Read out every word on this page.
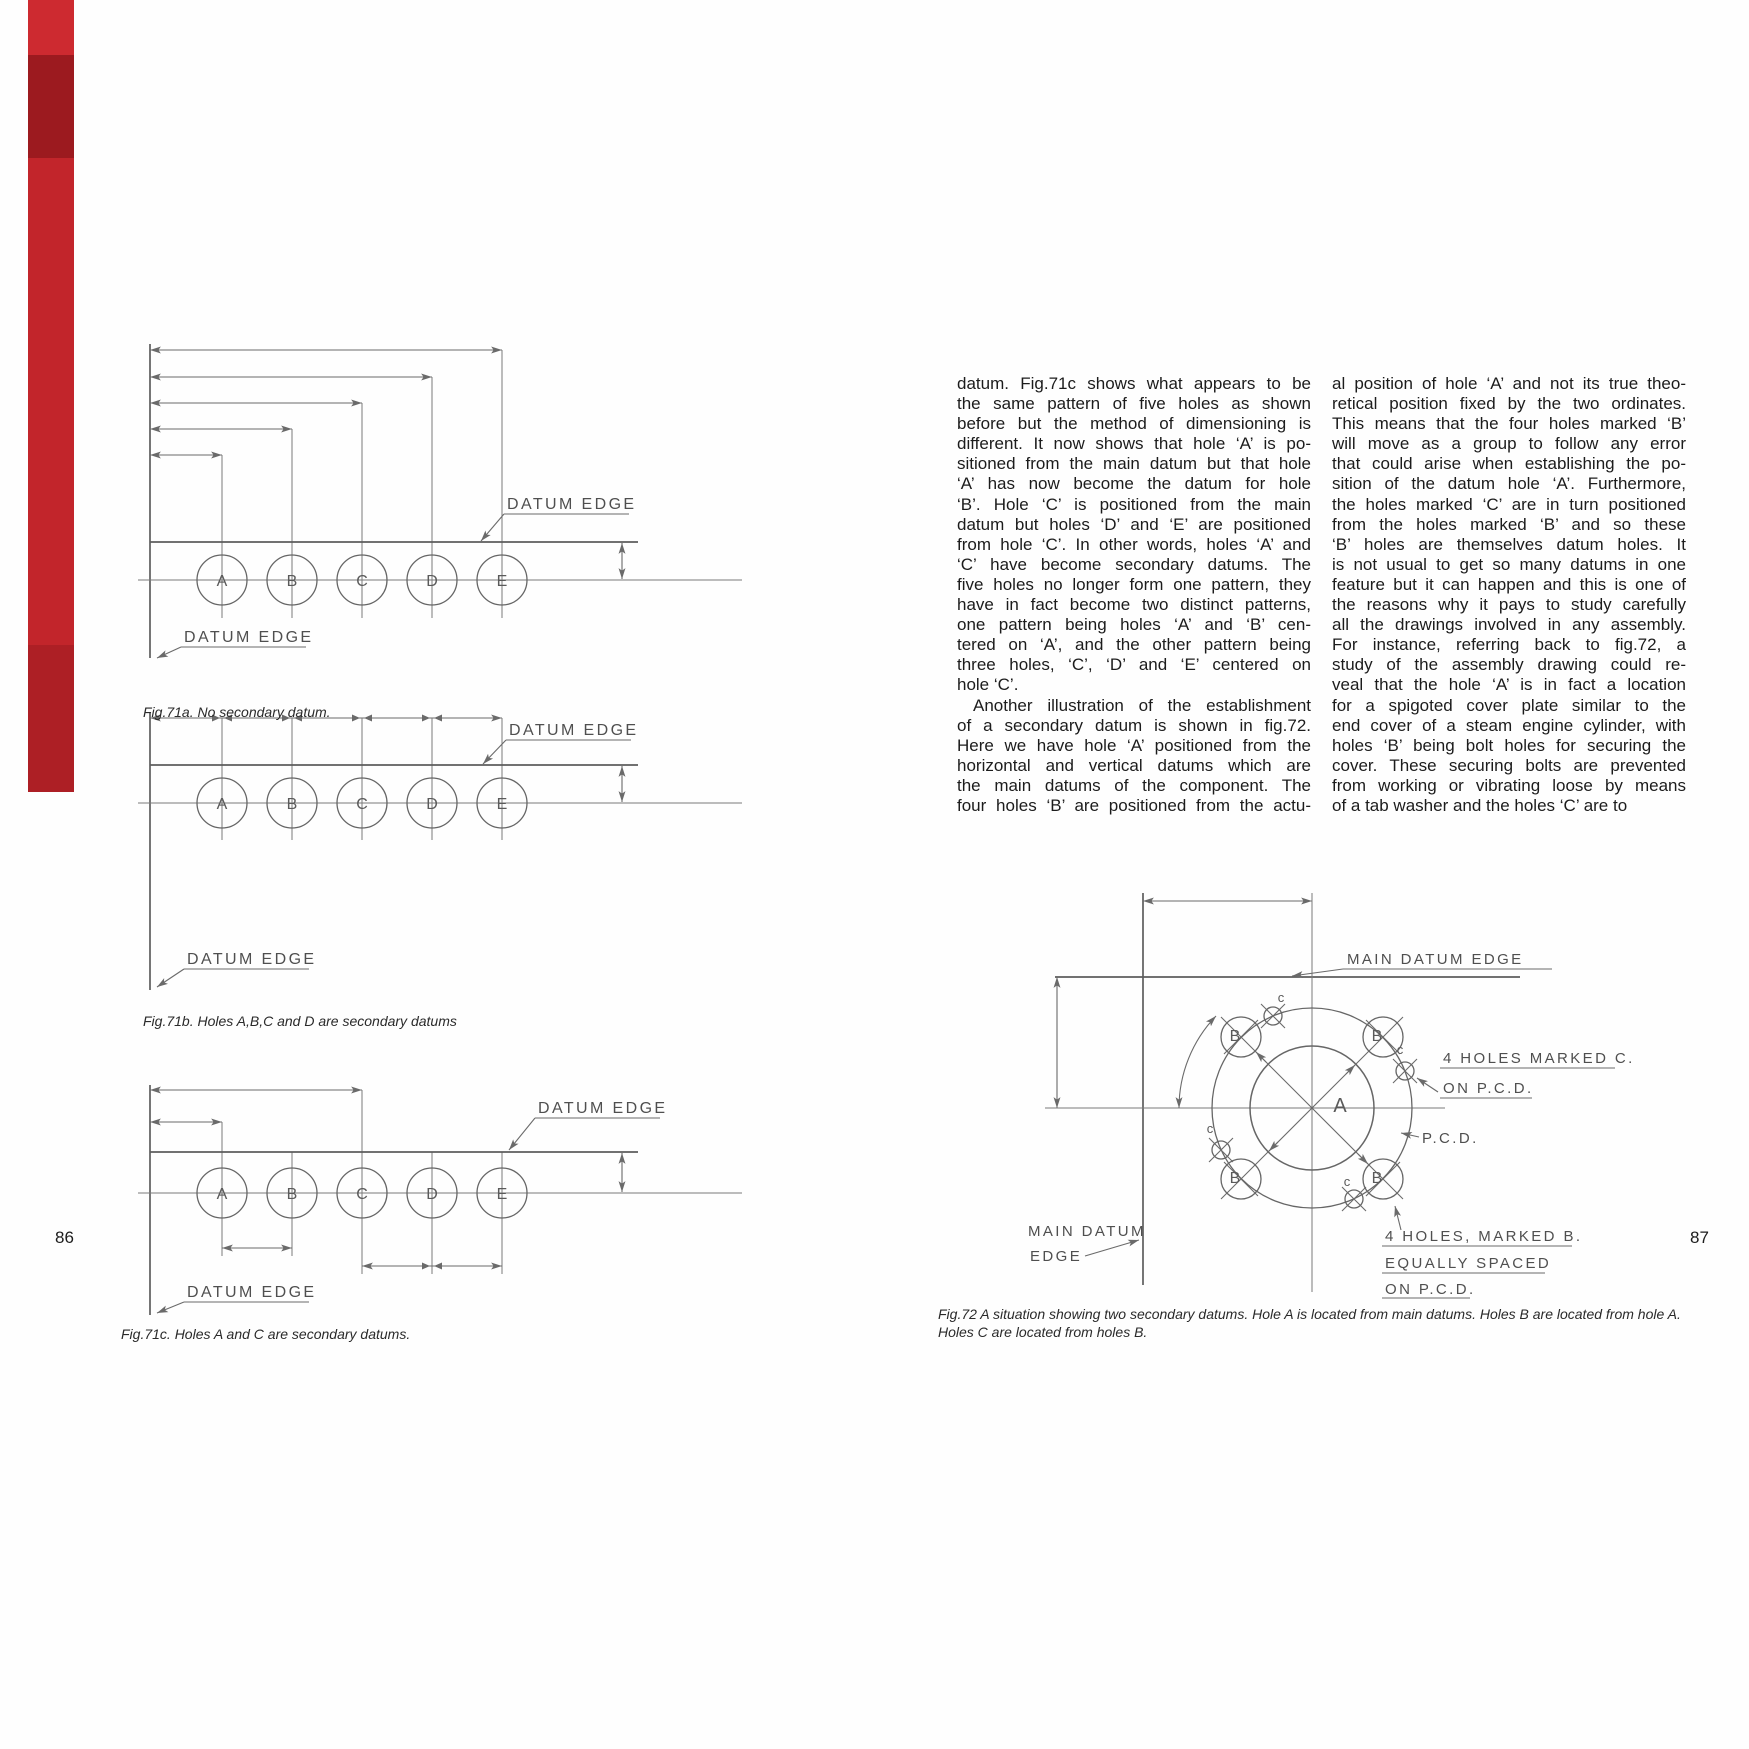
A	B	C	D	E
DATUM EDGE
DATUM EDGE
A	B	C	D	E
DATUM EDGE
DATUM EDGE
A	B	C	D	E
DATUM EDGE
DATUM EDGE
B	B
B	B
c
c
c
c
A
MAIN DATUM EDGE
4 HOLES MARKED C.
ON P.C.D.
P.C.D.
4 HOLES, MARKED B.
EQUALLY SPACED
ON P.C.D.
MAIN DATUM
EDGE
datum. Fig.71c shows what appears to be
the same pattern of five holes as shown
before but the method of dimensioning is
different. It now shows that hole ‘A’ is po-
sitioned from the main datum but that hole
‘A’ has now become the datum for hole
‘B’. Hole ‘C’ is positioned from the main
datum but holes ‘D’ and ‘E’ are positioned
from hole ‘C’. In other words, holes ‘A’ and
‘C’ have become secondary datums. The
five holes no longer form one pattern, they
have in fact become two distinct patterns,
one pattern being holes ‘A’ and ‘B’ cen-
tered on ‘A’, and the other pattern being
three holes, ‘C’, ‘D’ and ‘E’ centered on
hole ‘C’.
Another illustration of the establishment
of a secondary datum is shown in fig.72.
Here we have hole ‘A’ positioned from the
horizontal and vertical datums which are
the main datums of the component. The
four holes ‘B’ are positioned from the actu-
al position of hole ‘A’ and not its true theo-
retical position fixed by the two ordinates.
This means that the four holes marked ‘B’
will move as a group to follow any error
that could arise when establishing the po-
sition of the datum hole ‘A’. Furthermore,
the holes marked ‘C’ are in turn positioned
from the holes marked ‘B’ and so these
‘B’ holes are themselves datum holes. It
is not usual to get so many datums in one
feature but it can happen and this is one of
the reasons why it pays to study carefully
all the drawings involved in any assembly.
For instance, referring back to fig.72, a
study of the assembly drawing could re-
veal that the hole ‘A’ is in fact a location
for a spigoted cover plate similar to the
end cover of a steam engine cylinder, with
holes ‘B’ being bolt holes for securing the
cover. These securing bolts are prevented
from working or vibrating loose by means
of a tab washer and the holes ‘C’ are to
Fig.71a. No secondary datum.
Fig.71b. Holes A,B,C and D are secondary datums
Fig.71c. Holes A and C are secondary datums.
Fig.72 A situation showing two secondary datums. Hole A is located from main datums. Holes B are located from hole A.
Holes C are located from holes B.
86	87
